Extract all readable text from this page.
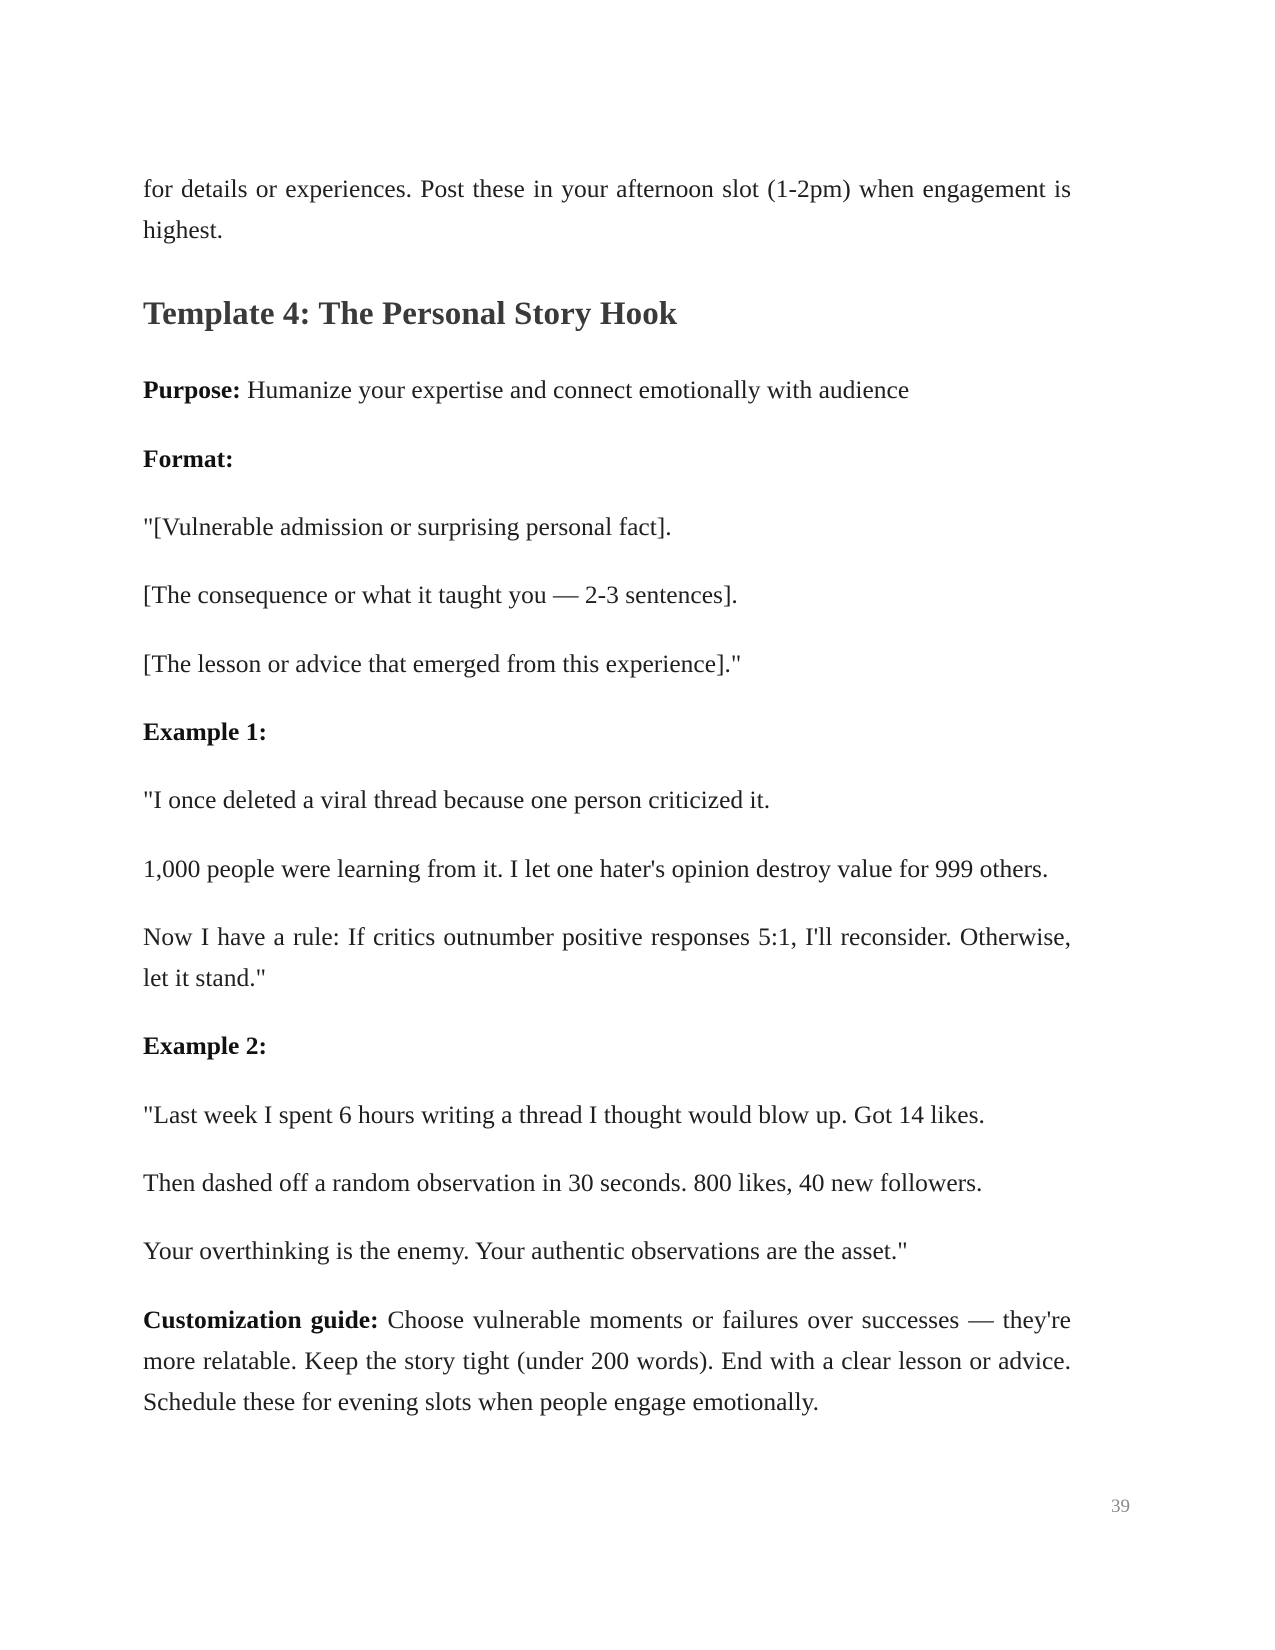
for details or experiences. Post these in your afternoon slot (1-2pm) when engagement is highest.

Template 4: The Personal Story Hook

Purpose: Humanize your expertise and connect emotionally with audience

Format:

"[Vulnerable admission or surprising personal fact].

[The consequence or what it taught you — 2-3 sentences].

[The lesson or advice that emerged from this experience]."

Example 1:

"I once deleted a viral thread because one person criticized it.

1,000 people were learning from it. I let one hater's opinion destroy value for 999 others.

Now I have a rule: If critics outnumber positive responses 5:1, I'll reconsider. Otherwise, let it stand."

Example 2:

"Last week I spent 6 hours writing a thread I thought would blow up. Got 14 likes.

Then dashed off a random observation in 30 seconds. 800 likes, 40 new followers.

Your overthinking is the enemy. Your authentic observations are the asset."

Customization guide: Choose vulnerable moments or failures over successes — they're more relatable. Keep the story tight (under 200 words). End with a clear lesson or advice. Schedule these for evening slots when people engage emotionally.

39
